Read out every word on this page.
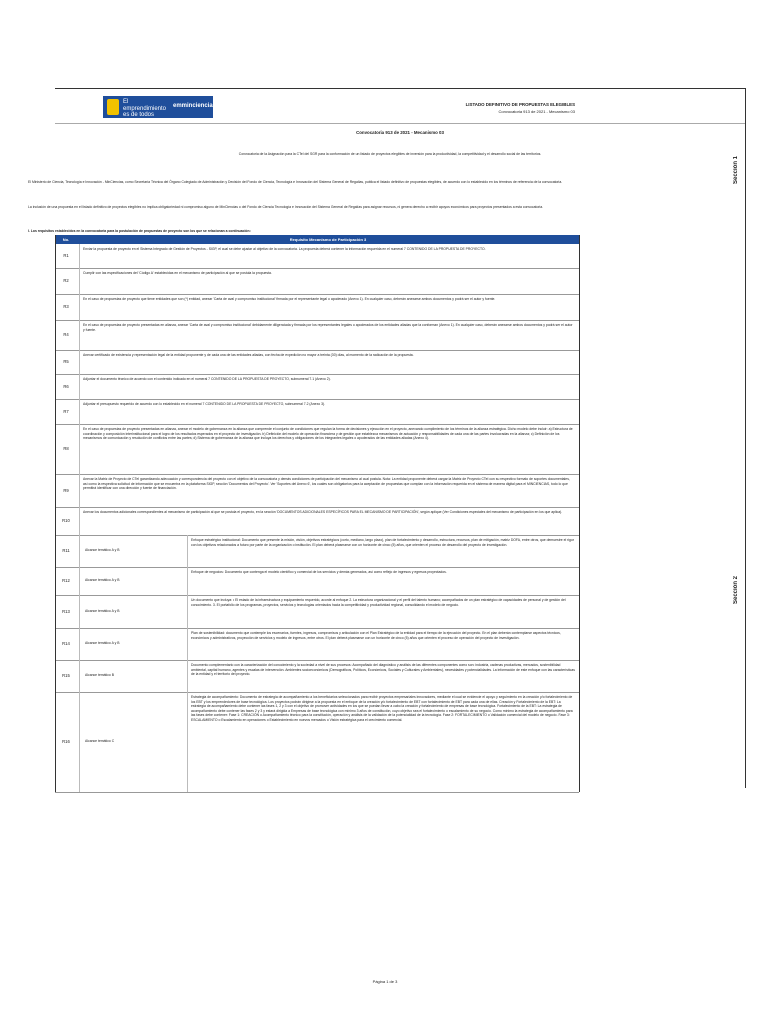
El emprendimiento es de todos
emminciencias	LISTADO DEFINITIVO DE PROPUESTAS ELEGIBLES
Convocatoria 913 de 2021 - Mecanismo 03
Convocatoria 913 de 2021 - Mecanismo 03
Convocatoria de la Asignación para la CTeI del SGR para la conformación de un listado de proyectos elegibles de inversión para la productividad, la competitividad y el desarrollo social de las territorios.
El Ministerio de Ciencia, Tecnología e Innovación - MinCiencias, como Secretaría Técnica del Órgano Colegiado de Administración y Decisión del Fondo de Ciencia, Tecnología e Innovación del Sistema General de Regalías, publica el listado definitivo de propuestas elegibles, de acuerdo con lo establecido en los términos de referencia de la convocatoria.
La inclusión de una propuesta en el listado definitivo de proyectos elegibles no implica obligatoriedad ni compromiso alguno de MinCiencias o del Fondo de Ciencia Tecnología e Innovación del Sistema General de Regalías para asignar recursos, ni genera derecho a recibir apoyos económicos para proyectos presentados a esta convocatoria.
I. Los requisitos establecidos en la convocatoria para la postulación de propuestas de proyecto son los que se relacionan a continuación:
Sección 1
Sección 2
No.	Requisito Mecanismo de Participación 3
R1
Enviar la propuesta de proyecto en el Sistema Integrado de Gestión de Proyectos - SIGP, el cual se debe ajustar al objetivo de la convocatoria. La propuesta deberá contener la información requerida en el numeral 7 CONTENIDO DE LA PROPUESTA DE PROYECTO.
R2
Cumplir con las especificaciones del 'Código A' establecidas en el mecanismo de participación al que se postula la propuesta.
R3
En el caso de propuestas de proyecto que tiene entidades que son (*) entidad, anexar 'Carta de aval y compromiso institucional' firmada por el representante legal o apoderado (Anexo 1). En cualquier caso, deberán anexarse ambos documentos y podrá ser el autor y fuente.
R4
En el caso de propuestas de proyecto presentadas en alianza, anexar 'Carta de aval y compromiso institucional' debidamente diligenciada y firmada por los representantes legales o apoderados de los entidades aliadas que la conforman (Anexo 1). En cualquier caso, deberán anexarse ambos documentos y podrá ser el autor y fuente.
R5
Anexar certificado de existencia y representación legal de la entidad proponente y de cada una de las entidades aliadas, con fecha de expedición no mayor a treinta (30) días, al momento de la radicación de la propuesta.
R6
Adjuntar el documento técnico de acuerdo con el contenido indicado en el numeral 7 CONTENIDO DE LA PROPUESTA DE PROYECTO, subnumeral 7.1 (Anexo 2).
R7
Adjuntar el presupuesto requerido de acuerdo con lo establecido en el numeral 7 CONTENIDO DE LA PROPUESTA DE PROYECTO, subnumeral 7.2 (Anexo 3).
R8
En el caso de propuestas de proyecto presentadas en alianza, anexar el modelo de gobernanza en la alianza que comprende el conjunto de condiciones que regulan la forma de decisiones y ejecución en el proyecto, anexando cumplimiento de los términos de la alianza estratégica. Dicho modelo debe incluir: a) Estructura de coordinación y composición interinstitucional para el logro de los resultados esperados en el proyecto de investigación. b) Definición del modelo de operación financiera y de gestión que establezca mecanismos de actuación y responsabilidades de cada una de las partes involucradas en la alianza; c) Definición de los mecanismos de comunicación y resolución de conflictos entre las partes; d) Sistema de gobernanza de la alianza que incluya los derechos y obligaciones de los integrantes legales o apoderados de las entidades aliadas (Anexo 4).
R9
Anexar la Matriz de Proyecto de CTeI garantizando adecuación y correspondencia del proyecto con el objetivo de la convocatoria y demás condiciones de participación del mecanismo al cual postula. Nota: La entidad proponente deberá cargar la Matriz de Proyecto CTeI con su respectivo formato de soportes documentales, así como la respectiva solicitud de información que se encuentra en la plataforma SIGP, sección 'Documentos del Proyecto'. Ver 'Soportes del Anexo 6', los cuales son obligatorios para la aceptación de propuestas que cumplan con la información requerida en el sistema de manera digital para el MINCIENCIAS, todo lo que permitirá identificar con una dirección y fuente de financiación.
R10
Anexar los documentos adicionales correspondientes al mecanismo de participación al que se postula el proyecto, en la sección 'DOCUMENTOS ADICIONALES ESPECÍFICOS PARA EL MECANISMO DE PARTICIPACIÓN', según aplique (Ver Condiciones especiales del mecanismo de participación en los que aplica).
R11	Alcance temático A y B
Enfoque estratégico institucional: Documento que presente la misión, visión, objetivos estratégicos (corto, mediano, largo plazo), plan de fortalecimiento y desarrollo, estructura, recursos, plan de mitigación, matriz DOFA, entre otros, que demuestre el rigor con los objetivos relacionados a futuro por parte de la organización o institución. El plan deberá plasmarse con un horizonte de cinco (5) años, que orienten el proceso de desarrollo del proyecto de investigación.
R12	Alcance temático A y B
Enfoque de negocios: Documento que contenga el modelo científico y comercial de los servicios y demás generados, así como reflejo de ingresos y egresos proyectados.
R13	Alcance temático A y B
Un documento que incluya: • El estado de la infraestructura y equipamiento requerido, acorde al enfoque 2. La estructura organizacional y el perfil del talento humano; acompañados de un plan estratégico de capacidades de personal y de gestión del conocimiento. 3. El portafolio de los programas, proyectos, servicios y tecnologías orientados hacia la competitividad y productividad regional, consolidando el modelo de negocio.
R14	Alcance temático A y B
Plan de sostenibilidad: documento que contemple los escenarios, fuentes, ingresos, compromisos y articulación con el Plan Estratégico de la entidad para el tiempo de la ejecución del proyecto. En el plan deberán contemplarse aspectos técnicos, económicos y administrativos, proyección de servicios y modelo de ingresos, entre otros. El plan deberá plasmarse con un horizonte de cinco (5) años que orienten el proceso de operación del proyecto de investigación.
R15	Alcance temático B
Documento complementario con la caracterización del conocimiento y la sociedad a nivel de sus procesos: Acompañado del diagnóstico y análisis de las diferentes componentes como son: industria, cadenas productivas, mercados, sostenibilidad ambiental, capital humano, agentes y escalas de intervención. Ambientes socioeconómicos (Demográficos, Políticos, Económicos, Sociales y Culturales y Ambientales), necesidades y potencialidades. La información de este enfoque con las características de la entidad y el territorio del proyecto.
R16	Alcance temático C
Estrategia de acompañamiento: Documento de estrategia de acompañamiento a los beneficiarios seleccionados para recibir proyectos empresariales innovadores, mediante el cual se evidencie el apoyo y seguimiento en la creación y/o fortalecimiento de los EBT y los emprendedores de base tecnológica. Los proyectos podrán dirigirse a la propuesta en el enfoque de la creación y/o fortalecimiento de EBT con fortalecimiento de EBT para cada una de ellas. Creación y Fortalecimiento de la EBT: La estrategia de acompañamiento debe contener las fases 1, 2 y 3 con el objetivo de promover actividades en los que se puedan llevar a cabo la creación y fortalecimiento de empresas de base tecnológica. Fortalecimiento de la EBT: La estrategia de acompañamiento debe contener las fases 2 y 3 y estará dirigida a Empresas de base tecnológica con mínimo 3 años de constitución, cuyo objetivo sea el fortalecimiento o escalamiento de su negocio. Como mínimo la estrategia de acompañamiento para las fases debe contener: Fase 1: CREACIÓN o Acompañamiento técnico para la constitución, operación y análisis de la validación de la potencialidad de la tecnología. Fase 2: FORTALECIMIENTO o Validación comercial del modelo de negocio. Fase 3: ESCALAMIENTO o Escalamiento en operaciones o Establecimiento en nuevos mercados o Visión estratégica para el crecimiento comercial.
Página 1 de 3
